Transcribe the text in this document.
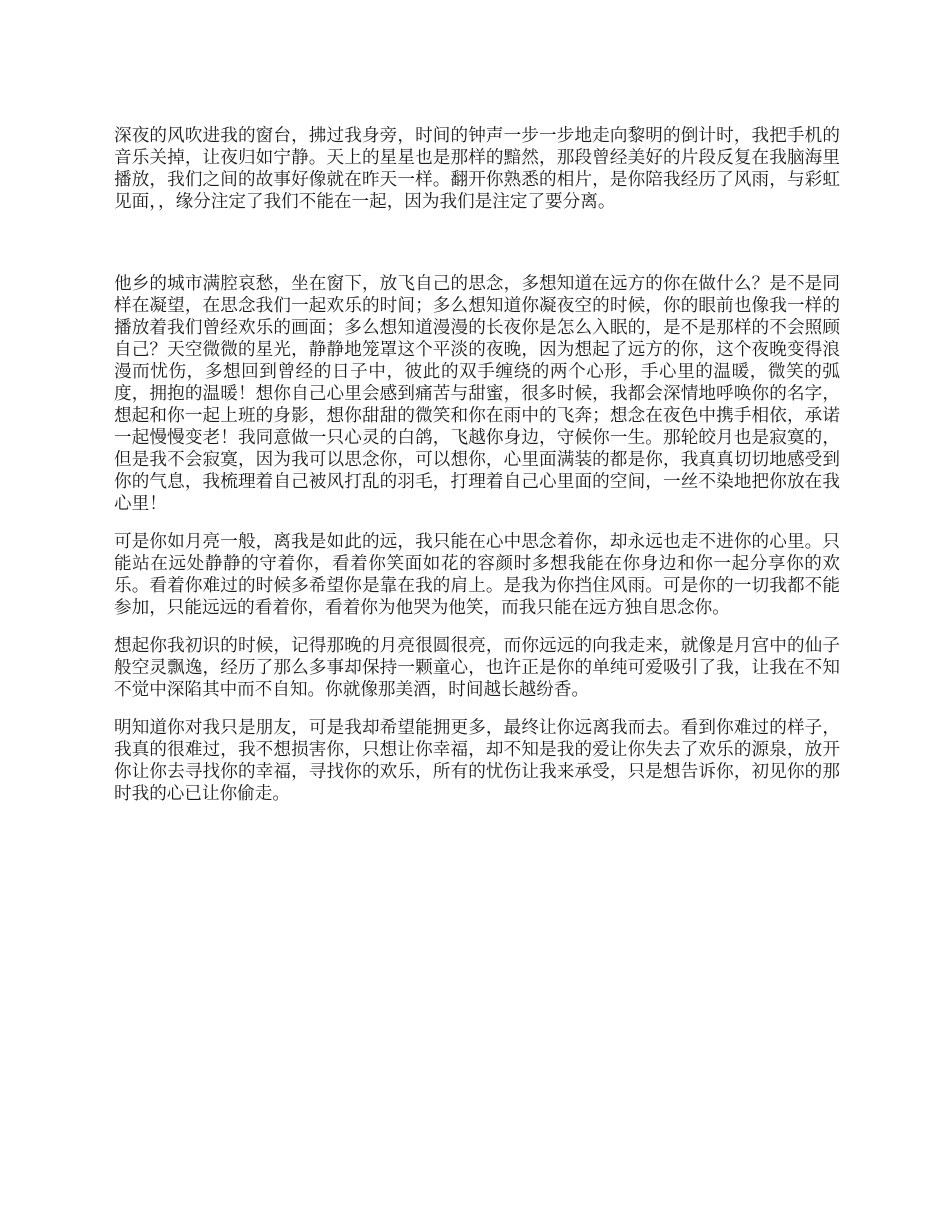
深夜的风吹进我的窗台，拂过我身旁，时间的钟声一步一步地走向黎明的倒计时，我把手机的音乐关掉，让夜归如宁静。天上的星星也是那样的黯然，那段曾经美好的片段反复在我脑海里播放，我们之间的故事好像就在昨天一样。翻开你熟悉的相片，是你陪我经历了风雨，与彩虹见面，，缘分注定了我们不能在一起，因为我们是注定了要分离。

他乡的城市满腔哀愁，坐在窗下，放飞自己的思念，多想知道在远方的你在做什么？是不是同样在凝望，在思念我们一起欢乐的时间；多么想知道你凝夜空的时候，你的眼前也像我一样的播放着我们曾经欢乐的画面；多么想知道漫漫的长夜你是怎么入眠的，是不是那样的不会照顾自己？天空微微的星光，静静地笼罩这个平淡的夜晚，因为想起了远方的你，这个夜晚变得浪漫而忧伤，多想回到曾经的日子中，彼此的双手缠绕的两个心形，手心里的温暖，微笑的弧度，拥抱的温暖！想你自己心里会感到痛苦与甜蜜，很多时候，我都会深情地呼唤你的名字，想起和你一起上班的身影，想你甜甜的微笑和你在雨中的飞奔；想念在夜色中携手相依，承诺一起慢慢变老！我同意做一只心灵的白鸽，飞越你身边，守候你一生。那轮皎月也是寂寞的，但是我不会寂寞，因为我可以思念你，可以想你，心里面满装的都是你，我真真切切地感受到你的气息，我梳理着自己被风打乱的羽毛，打理着自己心里面的空间，一丝不染地把你放在我心里！

可是你如月亮一般，离我是如此的远，我只能在心中思念着你，却永远也走不进你的心里。只能站在远处静静的守着你，看着你笑面如花的容颜时多想我能在你身边和你一起分享你的欢乐。看着你难过的时候多希望你是靠在我的肩上。是我为你挡住风雨。可是你的一切我都不能参加，只能远远的看着你，看着你为他哭为他笑，而我只能在远方独自思念你。

想起你我初识的时候，记得那晚的月亮很圆很亮，而你远远的向我走来，就像是月宫中的仙子般空灵飘逸，经历了那么多事却保持一颗童心，也许正是你的单纯可爱吸引了我，让我在不知不觉中深陷其中而不自知。你就像那美酒，时间越长越纷香。

明知道你对我只是朋友，可是我却希望能拥更多，最终让你远离我而去。看到你难过的样子，我真的很难过，我不想损害你，只想让你幸福，却不知是我的爱让你失去了欢乐的源泉，放开你让你去寻找你的幸福，寻找你的欢乐，所有的忧伤让我来承受，只是想告诉你，初见你的那时我的心已让你偷走。
